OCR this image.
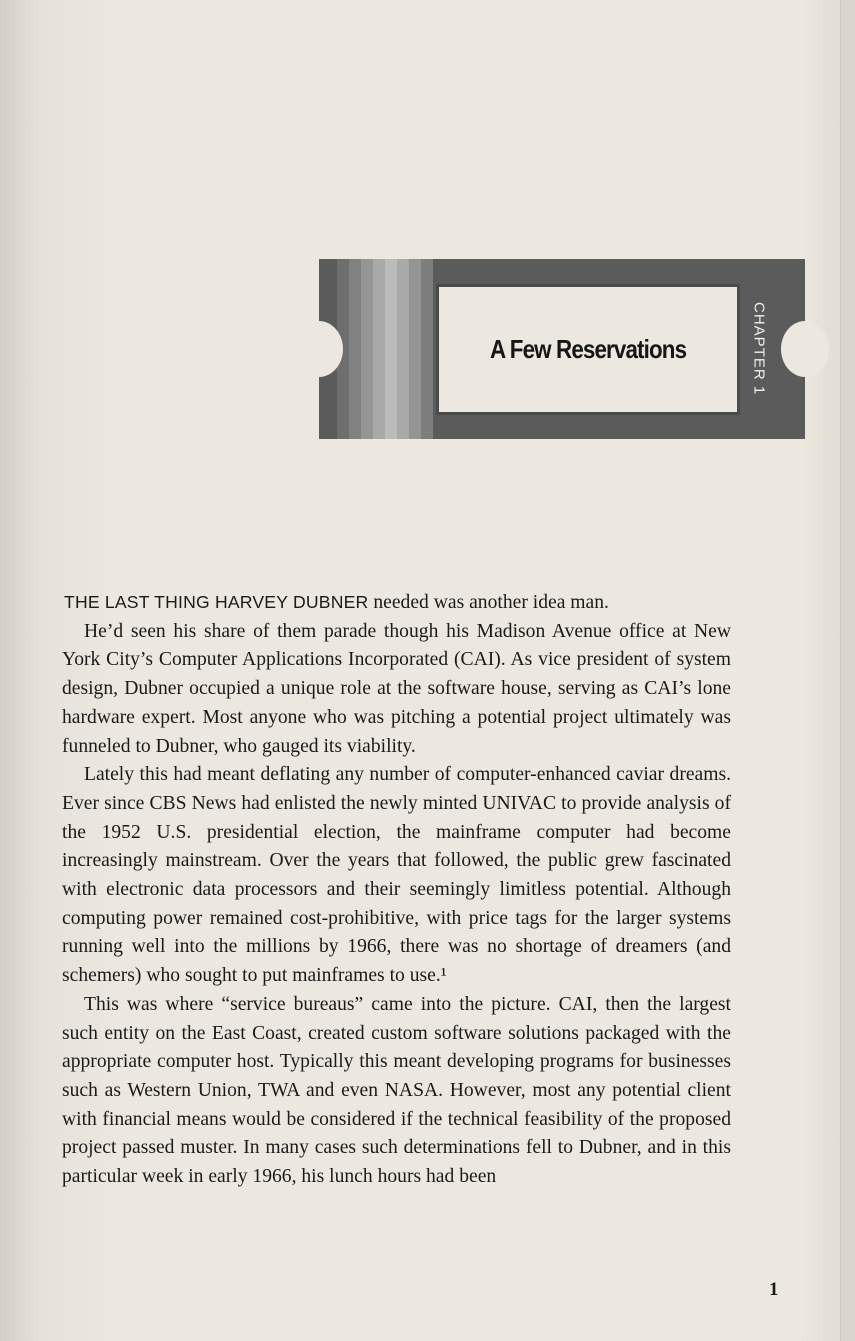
A Few Reservations	CHAPTER 1

THE LAST THING HARVEY DUBNER needed was another idea man.

He’d seen his share of them parade though his Madison Avenue office at New York City’s Computer Applications Incorporated (CAI). As vice president of system design, Dubner occupied a unique role at the software house, serving as CAI’s lone hardware expert. Most anyone who was pitching a potential project ultimately was funneled to Dubner, who gauged its viability.

Lately this had meant deflating any number of computer-enhanced caviar dreams. Ever since CBS News had enlisted the newly minted UNIVAC to provide analysis of the 1952 U.S. presidential election, the mainframe computer had become increasingly mainstream. Over the years that followed, the public grew fascinated with electronic data processors and their seemingly limitless potential. Although computing power remained cost-prohibitive, with price tags for the larger systems running well into the millions by 1966, there was no shortage of dreamers (and schemers) who sought to put mainframes to use.¹

This was where “service bureaus” came into the picture. CAI, then the largest such entity on the East Coast, created custom software solutions packaged with the appropriate computer host. Typically this meant developing programs for businesses such as Western Union, TWA and even NASA. However, most any potential client with financial means would be considered if the technical feasibility of the proposed project passed muster. In many cases such determinations fell to Dubner, and in this particular week in early 1966, his lunch hours had been

1
